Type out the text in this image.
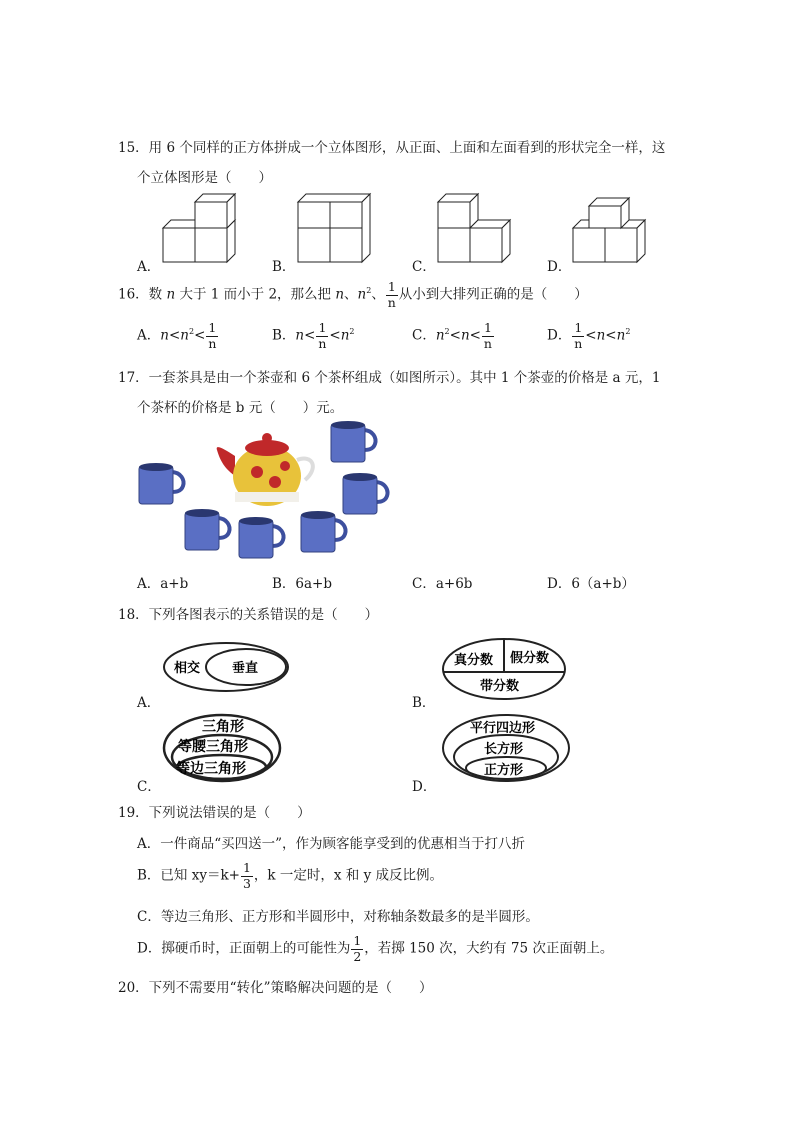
15．用 6 个同样的正方体拼成一个立体图形，从正面、上面和左面看到的形状完全一样，这
个立体图形是（　　）
A．	B．	C．	D．
16．数 n 大于 1 而小于 2，那么把 n、$n^2$、 $\frac{1}{n}$ 从小到大排列正确的是（　　）
A．$n<n^2< \frac{1}{n}$	B．$n< \frac{1}{n} <n^2$	C．$n^2<n< \frac{1}{n}$	D． $\frac{1}{n} <n<n^2$
17．一套茶具是由一个茶壶和 6 个茶杯组成（如图所示）。其中 1 个茶壶的价格是 a 元，1
个茶杯的价格是 b 元（　　）元。
A．a+b	B．6a+b	C．a+6b	D．6（a+b）
18．下列各图表示的关系错误的是（　　）
相交 垂直
真分数 假分数
带分数
A．	B．
三角形
等腰三角形
等边三角形
平行四边形
长方形
正方形
C．	D．
19．下列说法错误的是（　　）
A．一件商品“买四送一”，作为顾客能享受到的优惠相当于打八折
B．已知 $xy=k+ \frac{1}{3}$ ，k 一定时，x 和 y 成反比例。
C．等边三角形、正方形和半圆形中，对称轴条数最多的是半圆形。
D．掷硬币时，正面朝上的可能性为 $\frac{1}{2}$ ，若掷 150 次，大约有 75 次正面朝上。
20．下列不需要用“转化”策略解决问题的是（　　）
